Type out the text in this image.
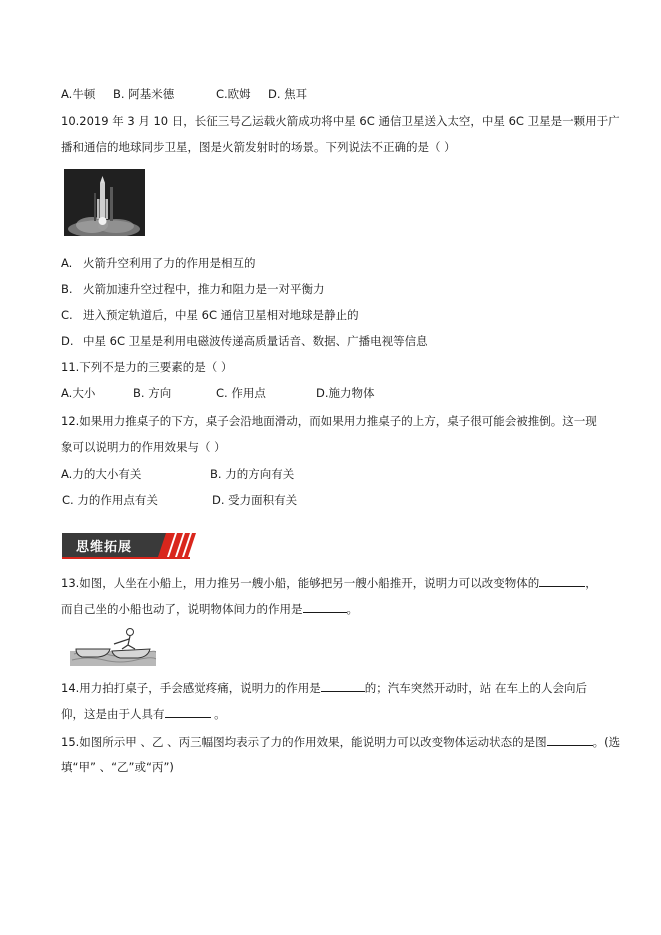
A.牛顿 B. 阿基米德	C.欧姆 D. 焦耳
10.2019 年 3 月 10 日，长征三号乙运载火箭成功将中星 6C 通信卫星送入太空，中星 6C 卫星是一颗用于广
播和通信的地球同步卫星，图是火箭发射时的场景。下列说法不正确的是（ ）
A. 火箭升空利用了力的作用是相互的
B. 火箭加速升空过程中，推力和阻力是一对平衡力
C. 进入预定轨道后，中星 6C 通信卫星相对地球是静止的
D. 中星 6C 卫星是利用电磁波传递高质量话音、数据、广播电视等信息
11.下列不是力的三要素的是（ ）
A.大小	B. 方向	C. 作用点	D.施力物体
12.如果用力推桌子的下方，桌子会沿地面滑动，而如果用力推桌子的上方，桌子很可能会被推倒。这一现
象可以说明力的作用效果与（ ）
A.力的大小有关	B. 力的方向有关
C. 力的作用点有关	D. 受力面积有关
思维拓展
13.如图，人坐在小船上，用力推另一艘小船，能够把另一艘小船推开，说明力可以改变物体的	，
而自己坐的小船也动了，说明物体间力的作用是	。
14.用力拍打桌子，手会感觉疼痛，说明力的作用是	的；汽车突然开动时，站 在车上的人会向后
仰，这是由于人具有	。
15.如图所示甲 、乙 、丙三幅图均表示了力的作用效果，能说明力可以改变物体运动状态的是图	。(选
填“甲” 、“乙”或“丙”)
